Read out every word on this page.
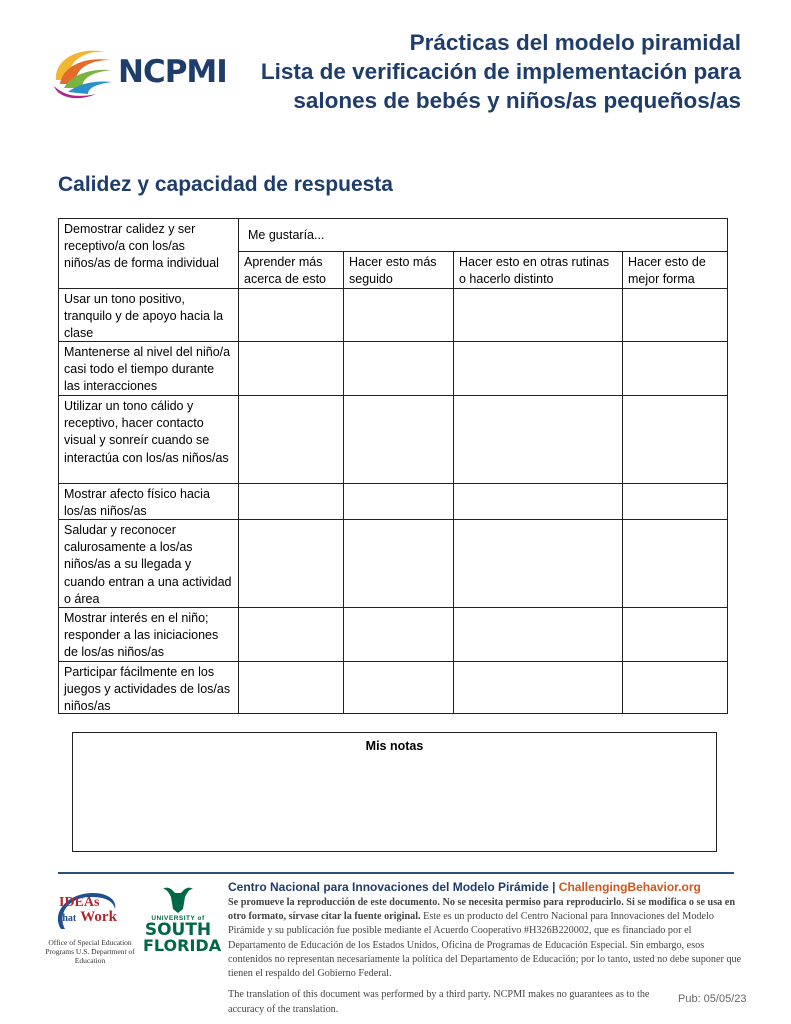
NCPMI
Prácticas del modelo piramidal
Lista de verificación de implementación para
salones de bebés y niños/as pequeños/as
Calidez y capacidad de respuesta
Demostrar calidez y ser receptivo/a con los/as niños/as de forma individual
Me gustaría...
Aprender más acerca de esto
Hacer esto más seguido
Hacer esto en otras rutinas o hacerlo distinto
Hacer esto de mejor forma
Usar un tono positivo, tranquilo y de apoyo hacia la clase
Mantenerse al nivel del niño/a casi todo el tiempo durante las interacciones
Utilizar un tono cálido y receptivo, hacer contacto visual y sonreír cuando se interactúa con los/as niños/as
Mostrar afecto físico hacia los/as niños/as
Saludar y reconocer calurosamente a los/as niños/as a su llegada y cuando entran a una actividad o área
Mostrar interés en el niño; responder a las iniciaciones de los/as niños/as
Participar fácilmente en los juegos y actividades de los/as niños/as
Mis notas
IDEAs
that Work
Office of Special Education Programs U.S. Department of Education
UNIVERSITY of
SOUTH
FLORIDA
Centro Nacional para Innovaciones del Modelo Pirámide | ChallengingBehavior.org
Se promueve la reproducción de este documento. No se necesita permiso para reproducirlo. Si se modifica o se usa en otro formato, sírvase citar la fuente original. Este es un producto del Centro Nacional para Innovaciones del Modelo Pirámide y su publicación fue posible mediante el Acuerdo Cooperativo #H326B220002, que es financiado por el Departamento de Educación de los Estados Unidos, Oficina de Programas de Educación Especial. Sin embargo, esos contenidos no representan necesariamente la política del Departamento de Educación; por lo tanto, usted no debe suponer que tienen el respaldo del Gobierno Federal.
The translation of this document was performed by a third party. NCPMI makes no guarantees as to the accuracy of the translation.
Pub: 05/05/23
